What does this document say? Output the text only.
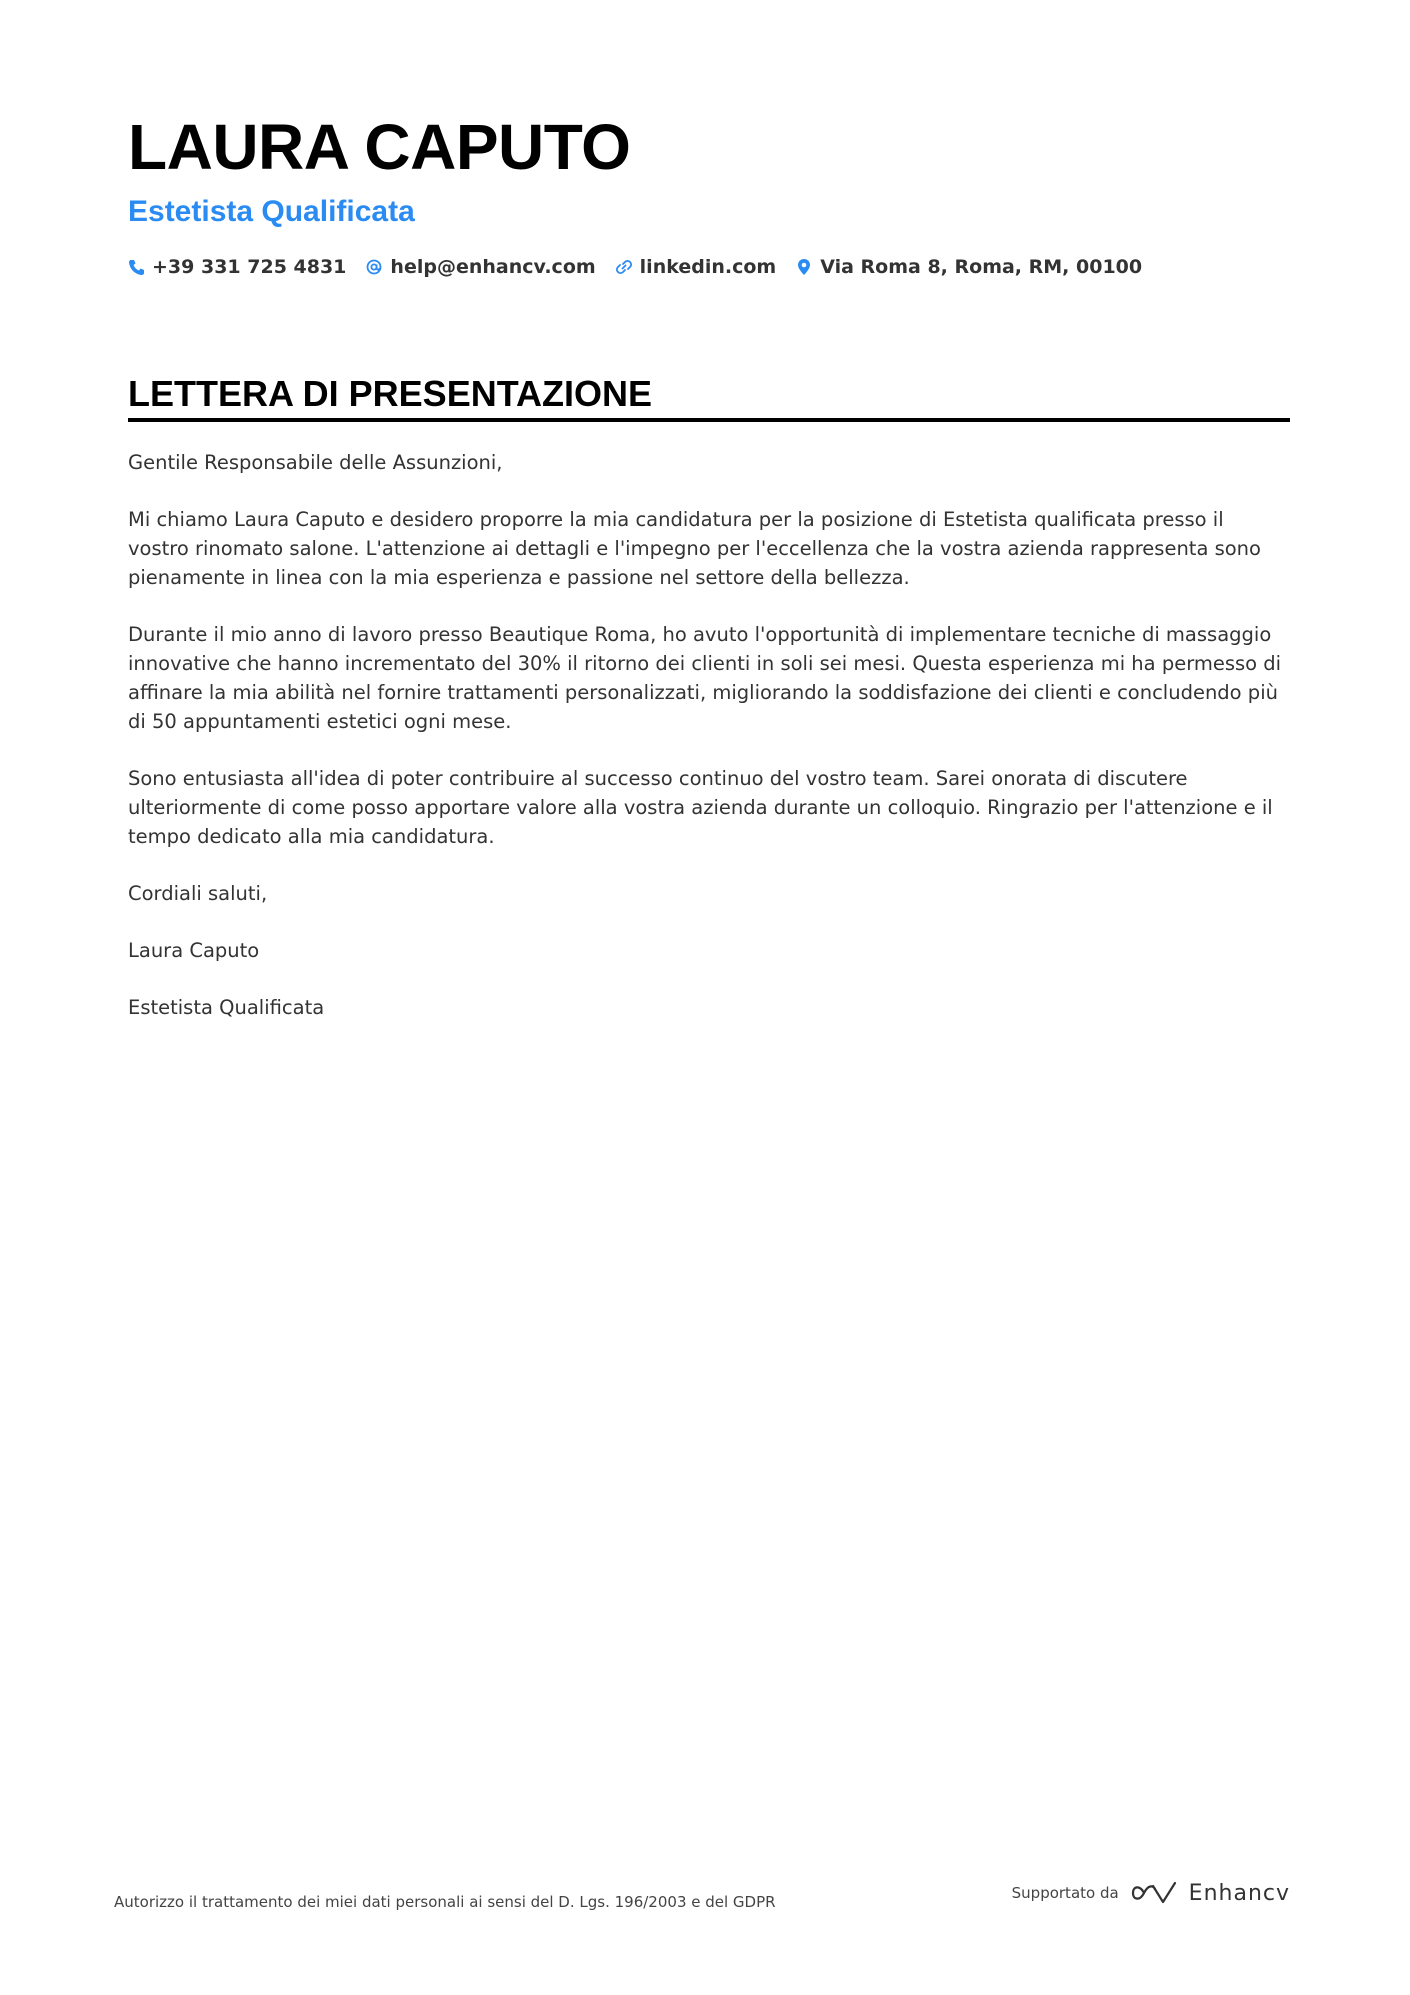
LAURA CAPUTO
Estetista Qualificata
+39 331 725 4831 help@enhancv.com linkedin.com Via Roma 8, Roma, RM, 00100
LETTERA DI PRESENTAZIONE

Gentile Responsabile delle Assunzioni,

Mi chiamo Laura Caputo e desidero proporre la mia candidatura per la posizione di Estetista qualificata presso il vostro rinomato salone. L'attenzione ai dettagli e l'impegno per l'eccellenza che la vostra azienda rappresenta sono pienamente in linea con la mia esperienza e passione nel settore della bellezza.

Durante il mio anno di lavoro presso Beautique Roma, ho avuto l'opportunità di implementare tecniche di massaggio innovative che hanno incrementato del 30% il ritorno dei clienti in soli sei mesi. Questa esperienza mi ha permesso di affinare la mia abilità nel fornire trattamenti personalizzati, migliorando la soddisfazione dei clienti e concludendo più di 50 appuntamenti estetici ogni mese.

Sono entusiasta all'idea di poter contribuire al successo continuo del vostro team. Sarei onorata di discutere ulteriormente di come posso apportare valore alla vostra azienda durante un colloquio. Ringrazio per l'attenzione e il tempo dedicato alla mia candidatura.

Cordiali saluti,

Laura Caputo

Estetista Qualificata

Autorizzo il trattamento dei miei dati personali ai sensi del D. Lgs. 196/2003 e del GDPR	Supportato da	Enhancv
